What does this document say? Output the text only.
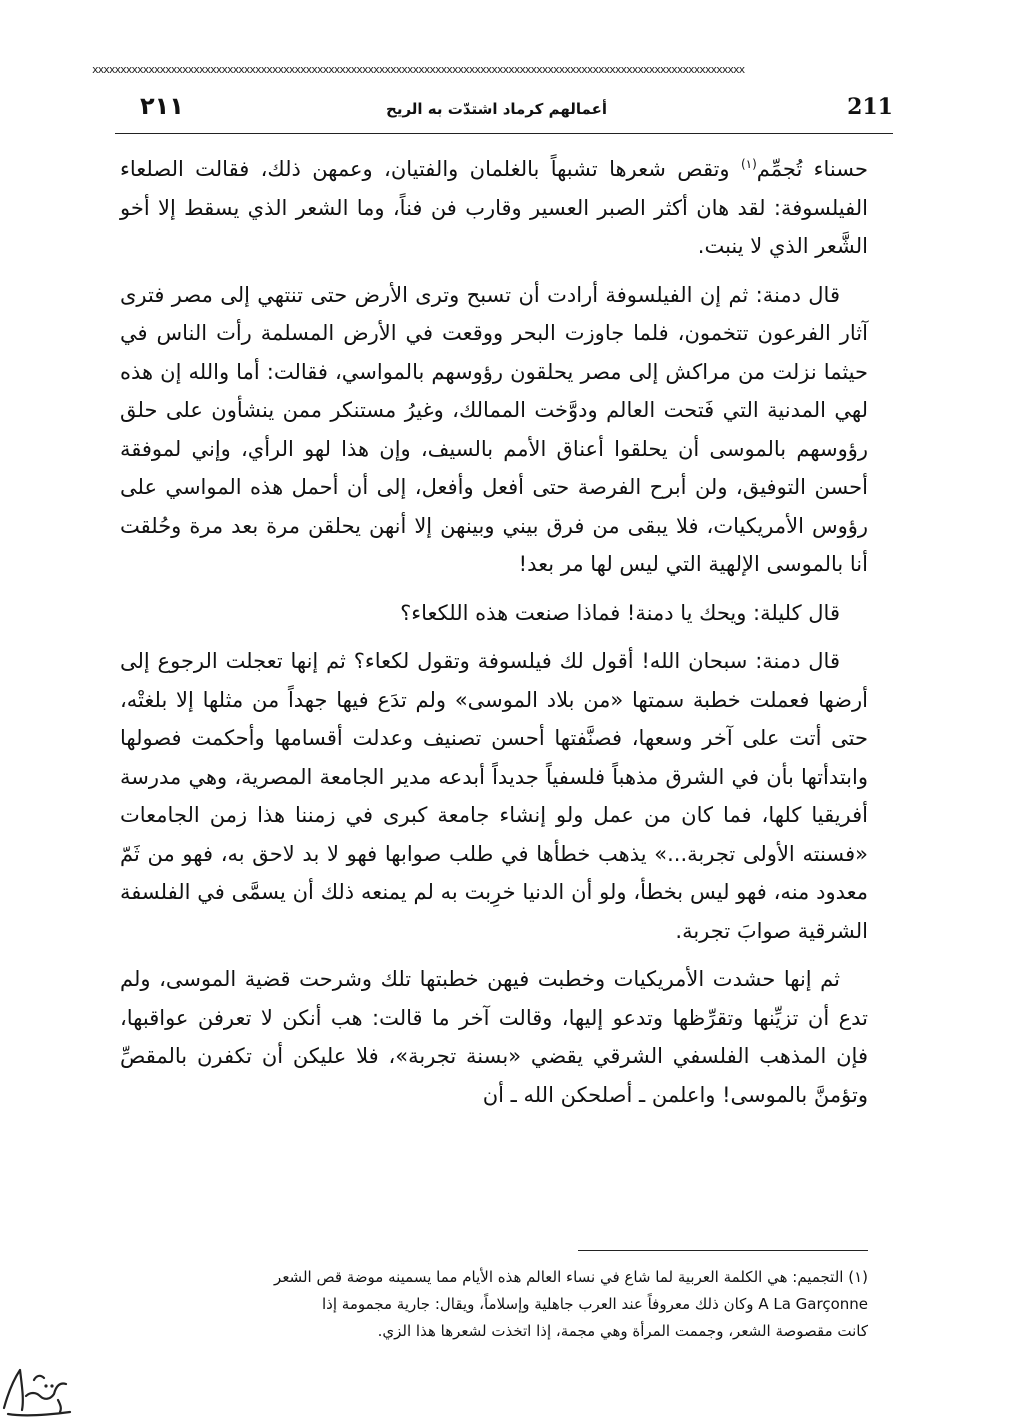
xxxxxxxxxxxxxxxxxxxxxxxxxxxxxxxxxxxxxxxxxxxxxxxxxxxxxxxxxxxxxxxxxxxxxxxxxxxxxxxxxxxxxxxxxxxxxxxxxxxxxxxxxxxxxxxxxxxx
٢١١	أعمالهم كرماد اشتدّت به الريح	211

حسناء تُجمِّم$^{(١)}$ وتقص شعرها تشبهاً بالغلمان والفتيان، وعمهن ذلك، فقالت الصلعاء الفيلسوفة: لقد هان أكثر الصبر العسير وقارب فن فناً، وما الشعر الذي يسقط إلا أخو الشَّعر الذي لا ينبت.

قال دمنة: ثم إن الفيلسوفة أرادت أن تسبح وترى الأرض حتى تنتهي إلى مصر فترى آثار الفرعون تتخمون، فلما جاوزت البحر ووقعت في الأرض المسلمة رأت الناس في حيثما نزلت من مراكش إلى مصر يحلقون رؤوسهم بالمواسي، فقالت: أما والله إن هذه لهي المدنية التي فَتحت العالم ودوَّخت الممالك، وغيرُ مستنكر ممن ينشأون على حلق رؤوسهم بالموسى أن يحلقوا أعناق الأمم بالسيف، وإن هذا لهو الرأي، وإني لموفقة أحسن التوفيق، ولن أبرح الفرصة حتى أفعل وأفعل، إلى أن أحمل هذه المواسي على رؤوس الأمريكيات، فلا يبقى من فرق بيني وبينهن إلا أنهن يحلقن مرة بعد مرة وحُلقت أنا بالموسى الإلهية التي ليس لها مر بعد!

قال كليلة: ويحك يا دمنة! فماذا صنعت هذه اللكعاء؟

قال دمنة: سبحان الله! أقول لك فيلسوفة وتقول لكعاء؟ ثم إنها تعجلت الرجوع إلى أرضها فعملت خطبة سمتها «من بلاد الموسى» ولم تدَع فيها جهداً من مثلها إلا بلغتْه، حتى أتت على آخر وسعها، فصنَّفتها أحسن تصنيف وعدلت أقسامها وأحكمت فصولها وابتدأتها بأن في الشرق مذهباً فلسفياً جديداً أبدعه مدير الجامعة المصرية، وهي مدرسة أفريقيا كلها، فما كان من عمل ولو إنشاء جامعة كبرى في زمننا هذا زمن الجامعات «فسنته الأولى تجربة...» يذهب خطأها في طلب صوابها فهو لا بد لاحق به، فهو من ثَمّ معدود منه، فهو ليس بخطأ، ولو أن الدنيا خرِبت به لم يمنعه ذلك أن يسمَّى في الفلسفة الشرقية صوابَ تجربة.

ثم إنها حشدت الأمريكيات وخطبت فيهن خطبتها تلك وشرحت قضية الموسى، ولم تدع أن تزيِّنها وتقرِّظها وتدعو إليها، وقالت آخر ما قالت: هب أنكن لا تعرفن عواقبها، فإن المذهب الفلسفي الشرقي يقضي «بسنة تجربة»، فلا عليكن أن تكفرن بالمقصِّ وتؤمنَّ بالموسى! واعلمن ـ أصلحكن الله ـ أن

(١) التجميم: هي الكلمة العربية لما شاع في نساء العالم هذه الأيام مما يسمينه موضة قص الشعر

A La Garçonne وكان ذلك معروفاً عند العرب جاهلية وإسلاماً، ويقال: جارية مجمومة إذا

كانت مقصوصة الشعر، وجممت المرأة وهي مجمة، إذا اتخذت لشعرها هذا الزي.
